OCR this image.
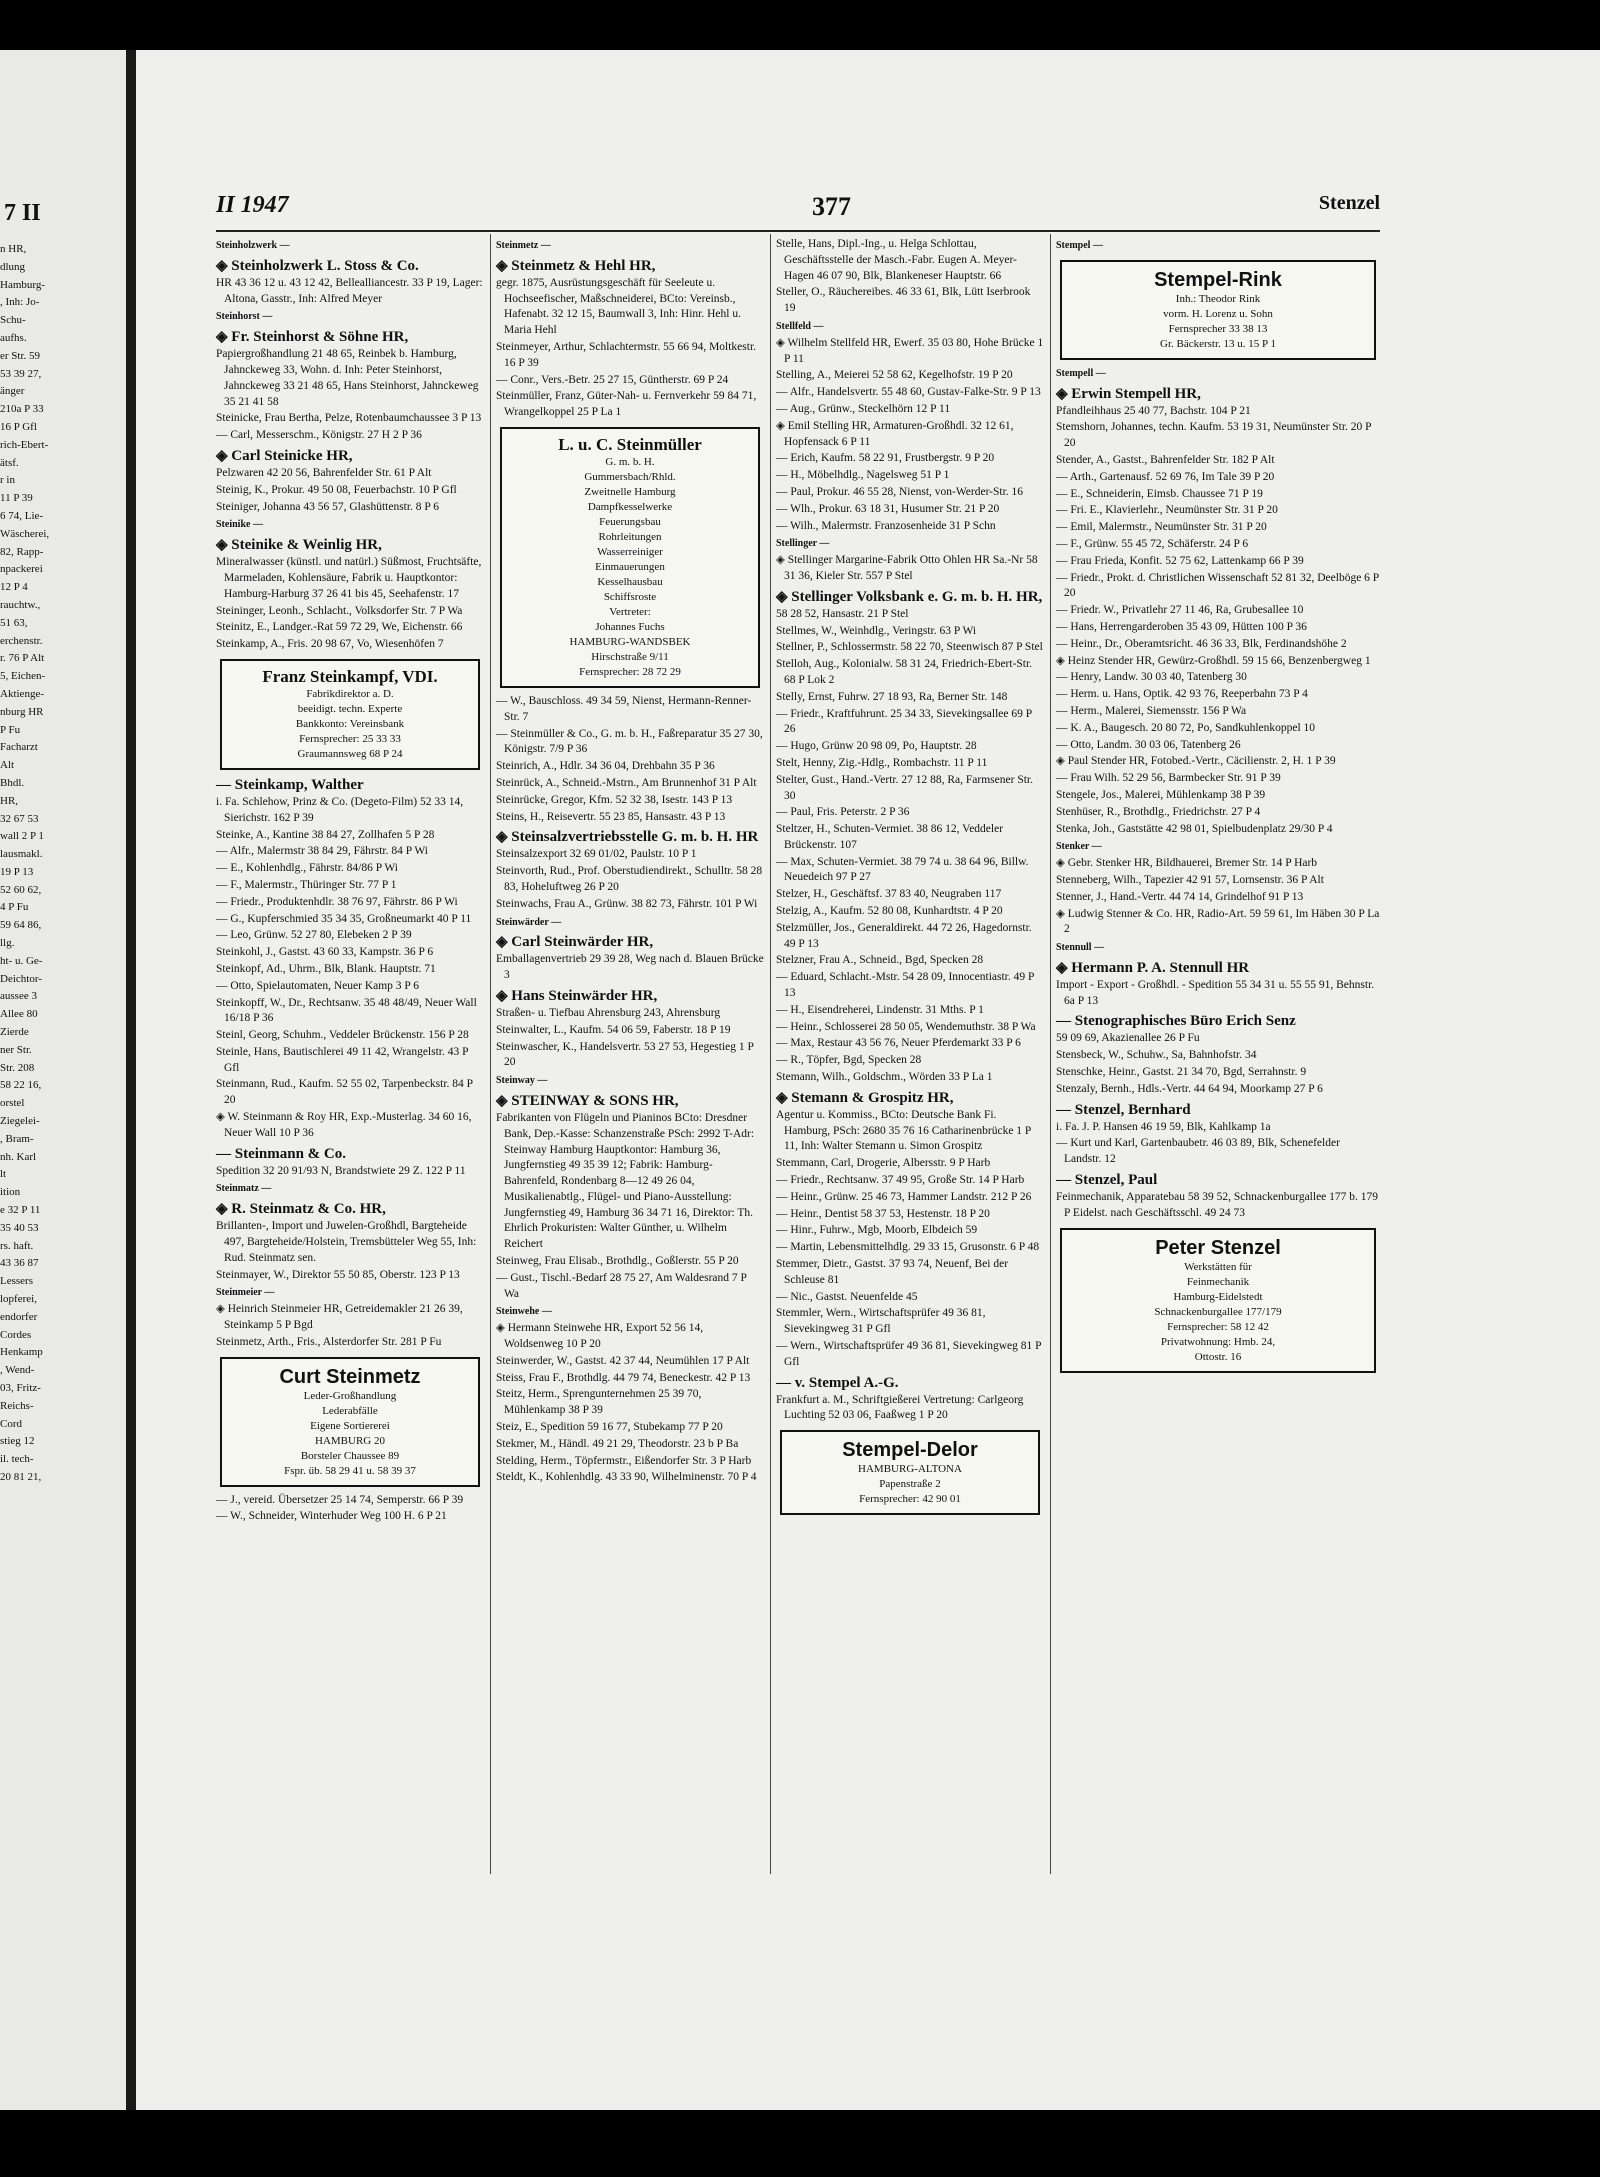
7 II
n HR,
dlung
Hamburg-
, Inh: Jo-
Schu-
aufhs.
er Str. 59
53 39 27,
änger
210a P 33
16 P Gfl
rich-Ebert-
ätsf.
r in
11 P 39
6 74, Lie-
Wäscherei,
82, Rapp-
npackerei
12 P 4
rauchtw.,
51 63,
erchenstr.
r. 76 P Alt
5, Eichen-
Aktienge-
nburg HR
P Fu
Facharzt
Alt
Bhdl.
HR,
32 67 53
wall 2 P 1
lausmakl.
19 P 13
52 60 62,
4 P Fu
59 64 86,
llg.
ht- u. Ge-
Deichtor-
aussee 3
Allee 80
Zierde
ner Str.
Str. 208
58 22 16,
orstel
Ziegelei-
, Bram-
nh. Karl
lt
ition
e 32 P 11
35 40 53
rs. haft.
43 36 87
Lessers
lopferei,
endorfer
Cordes
Henkamp
, Wend-
03, Fritz-
Reichs-
Cord
stieg 12
il. tech-
20 81 21,
II 1947	377	Stenzel
Steinholzwerk —
◈ Steinholzwerk L. Stoss & Co.
HR 43 36 12 u. 43 12 42, Bellealliancestr. 33 P 19, Lager: Altona, Gasstr., Inh: Alfred Meyer
Steinhorst —
◈ Fr. Steinhorst & Söhne HR,
Papiergroßhandlung 21 48 65, Reinbek b. Hamburg, Jahnckeweg 33, Wohn. d. Inh: Peter Steinhorst, Jahnckeweg 33 21 48 65, Hans Steinhorst, Jahnckeweg 35 21 41 58
Steinicke, Frau Bertha, Pelze, Rotenbaumchaussee 3 P 13
— Carl, Messerschm., Königstr. 27 H 2 P 36
◈ Carl Steinicke HR,
Pelzwaren 42 20 56, Bahrenfelder Str. 61 P Alt
Steinig, K., Prokur. 49 50 08, Feuerbachstr. 10 P Gfl
Steiniger, Johanna 43 56 57, Glashüttenstr. 8 P 6
Steinike —
◈ Steinike & Weinlig HR,
Mineralwasser (künstl. und natürl.) Süßmost, Fruchtsäfte, Marmeladen, Kohlensäure, Fabrik u. Hauptkontor: Hamburg-Harburg 37 26 41 bis 45, Seehafenstr. 17
Steininger, Leonh., Schlacht., Volksdorfer Str. 7 P Wa
Steinitz, E., Landger.-Rat 59 72 29, We, Eichenstr. 66
Steinkamp, A., Fris. 20 98 67, Vo, Wiesenhöfen 7
Franz Steinkampf, VDI.
Fabrikdirektor a. D.
beeidigt. techn. Experte
Bankkonto: Vereinsbank
Fernsprecher: 25 33 33
Graumannsweg 68 P 24
— Steinkamp, Walther
i. Fa. Schlehow, Prinz & Co. (Degeto-Film) 52 33 14, Sierichstr. 162 P 39
Steinke, A., Kantine 38 84 27, Zollhafen 5 P 28
— Alfr., Malermstr 38 84 29, Fährstr. 84 P Wi
— E., Kohlenhdlg., Fährstr. 84/86 P Wi
— F., Malermstr., Thüringer Str. 77 P 1
— Friedr., Produktenhdlr. 38 76 97, Fährstr. 86 P Wi
— G., Kupferschmied 35 34 35, Großneumarkt 40 P 11
— Leo, Grünw. 52 27 80, Elebeken 2 P 39
Steinkohl, J., Gastst. 43 60 33, Kampstr. 36 P 6
Steinkopf, Ad., Uhrm., Blk, Blank. Hauptstr. 71
— Otto, Spielautomaten, Neuer Kamp 3 P 6
Steinkopff, W., Dr., Rechtsanw. 35 48 48/49, Neuer Wall 16/18 P 36
Steinl, Georg, Schuhm., Veddeler Brückenstr. 156 P 28
Steinle, Hans, Bautischlerei 49 11 42, Wrangelstr. 43 P Gfl
Steinmann, Rud., Kaufm. 52 55 02, Tarpenbeckstr. 84 P 20
◈ W. Steinmann & Roy HR, Exp.-Musterlag. 34 60 16, Neuer Wall 10 P 36
— Steinmann & Co.
Spedition 32 20 91/93 N, Brandstwiete 29 Z. 122 P 11
Steinmatz —
◈ R. Steinmatz & Co. HR,
Brillanten-, Import und Juwelen-Großhdl, Bargteheide 497, Bargteheide/Holstein, Tremsbütteler Weg 55, Inh: Rud. Steinmatz sen.
Steinmayer, W., Direktor 55 50 85, Oberstr. 123 P 13
Steinmeier —
◈ Heinrich Steinmeier HR, Getreidemakler 21 26 39, Steinkamp 5 P Bgd
Steinmetz, Arth., Fris., Alsterdorfer Str. 281 P Fu
Curt Steinmetz
Leder-Großhandlung
Lederabfälle
Eigene Sortiererei
HAMBURG 20
Borsteler Chaussee 89
Fspr. üb. 58 29 41 u. 58 39 37
— J., vereid. Übersetzer 25 14 74, Semperstr. 66 P 39
— W., Schneider, Winterhuder Weg 100 H. 6 P 21
Steinmetz —
◈ Steinmetz & Hehl HR,
gegr. 1875, Ausrüstungsgeschäft für Seeleute u. Hochseefischer, Maßschneiderei, BCto: Vereinsb., Hafenabt. 32 12 15, Baumwall 3, Inh: Hinr. Hehl u. Maria Hehl
Steinmeyer, Arthur, Schlachtermstr. 55 66 94, Moltkestr. 16 P 39
— Conr., Vers.-Betr. 25 27 15, Güntherstr. 69 P 24
Steinmüller, Franz, Güter-Nah- u. Fernverkehr 59 84 71, Wrangelkoppel 25 P La 1
L. u. C. Steinmüller
G. m. b. H.
Gummersbach/Rhld.
Zweitnelle Hamburg
Dampfkesselwerke
Feuerungsbau
Rohrleitungen
Wasserreiniger
Einmauerungen
Kesselhausbau
Schiffsroste
Vertreter:
Johannes Fuchs
HAMBURG-WANDSBEK
Hirschstraße 9/11
Fernsprecher: 28 72 29
— W., Bauschloss. 49 34 59, Nienst, Hermann-Renner-Str. 7
— Steinmüller & Co., G. m. b. H., Faßreparatur 35 27 30, Königstr. 7/9 P 36
Steinrich, A., Hdlr. 34 36 04, Drehbahn 35 P 36
Steinrück, A., Schneid.-Mstrn., Am Brunnenhof 31 P Alt
Steinrücke, Gregor, Kfm. 52 32 38, Isestr. 143 P 13
Steins, H., Reisevertr. 55 23 85, Hansastr. 43 P 13
◈ Steinsalzvertriebsstelle G. m. b. H. HR
Steinsalzexport 32 69 01/02, Paulstr. 10 P 1
Steinvorth, Rud., Prof. Oberstudiendirekt., Schulltr. 58 28 83, Hoheluftweg 26 P 20
Steinwachs, Frau A., Grünw. 38 82 73, Fährstr. 101 P Wi
Steinwärder —
◈ Carl Steinwärder HR,
Emballagenvertrieb 29 39 28, Weg nach d. Blauen Brücke 3
◈ Hans Steinwärder HR,
Straßen- u. Tiefbau Ahrensburg 243, Ahrensburg
Steinwalter, L., Kaufm. 54 06 59, Faberstr. 18 P 19
Steinwascher, K., Handelsvertr. 53 27 53, Hegestieg 1 P 20
Steinway —
◈ STEINWAY & SONS HR,
Fabrikanten von Flügeln und Pianinos BCto: Dresdner Bank, Dep.-Kasse: Schanzenstraße PSch: 2992 T-Adr: Steinway Hamburg Hauptkontor: Hamburg 36, Jungfernstieg 49 35 39 12; Fabrik: Hamburg-Bahrenfeld, Rondenbarg 8—12 49 26 04, Musikalienabtlg., Flügel- und Piano-Ausstellung: Jungfernstieg 49, Hamburg 36 34 71 16, Direktor: Th. Ehrlich Prokuristen: Walter Günther, u. Wilhelm Reichert
Steinweg, Frau Elisab., Brothdlg., Goßlerstr. 55 P 20
— Gust., Tischl.-Bedarf 28 75 27, Am Waldesrand 7 P Wa
Steinwehe —
◈ Hermann Steinwehe HR, Export 52 56 14, Woldsenweg 10 P 20
Steinwerder, W., Gastst. 42 37 44, Neumühlen 17 P Alt
Steiss, Frau F., Brothdlg. 44 79 74, Beneckestr. 42 P 13
Steitz, Herm., Sprengunternehmen 25 39 70, Mühlenkamp 38 P 39
Steiz, E., Spedition 59 16 77, Stubekamp 77 P 20
Stekmer, M., Händl. 49 21 29, Theodorstr. 23 b P Ba
Stelding, Herm., Töpfermstr., Eißendorfer Str. 3 P Harb
Steldt, K., Kohlenhdlg. 43 33 90, Wilhelminenstr. 70 P 4
Stelle, Hans, Dipl.-Ing., u. Helga Schlottau, Geschäftsstelle der Masch.-Fabr. Eugen A. Meyer-Hagen 46 07 90, Blk, Blankeneser Hauptstr. 66
Steller, O., Räuchereibes. 46 33 61, Blk, Lütt Iserbrook 19
Stellfeld —
◈ Wilhelm Stellfeld HR, Ewerf. 35 03 80, Hohe Brücke 1 P 11
Stelling, A., Meierei 52 58 62, Kegelhofstr. 19 P 20
— Alfr., Handelsvertr. 55 48 60, Gustav-Falke-Str. 9 P 13
— Aug., Grünw., Steckelhörn 12 P 11
◈ Emil Stelling HR, Armaturen-Großhdl. 32 12 61, Hopfensack 6 P 11
— Erich, Kaufm. 58 22 91, Frustbergstr. 9 P 20
— H., Möbelhdlg., Nagelsweg 51 P 1
— Paul, Prokur. 46 55 28, Nienst, von-Werder-Str. 16
— Wlh., Prokur. 63 18 31, Husumer Str. 21 P 20
— Wilh., Malermstr. Franzosenheide 31 P Schn
Stellinger —
◈ Stellinger Margarine-Fabrik Otto Ohlen HR Sa.-Nr 58 31 36, Kieler Str. 557 P Stel
◈ Stellinger Volksbank e. G. m. b. H. HR,
58 28 52, Hansastr. 21 P Stel
Stellmes, W., Weinhdlg., Veringstr. 63 P Wi
Stellner, P., Schlossermstr. 58 22 70, Steenwisch 87 P Stel
Stelloh, Aug., Kolonialw. 58 31 24, Friedrich-Ebert-Str. 68 P Lok 2
Stelly, Ernst, Fuhrw. 27 18 93, Ra, Berner Str. 148
— Friedr., Kraftfuhrunt. 25 34 33, Sievekingsallee 69 P 26
— Hugo, Grünw 20 98 09, Po, Hauptstr. 28
Stelt, Henny, Zig.-Hdlg., Rombachstr. 11 P 11
Stelter, Gust., Hand.-Vertr. 27 12 88, Ra, Farmsener Str. 30
— Paul, Fris. Peterstr. 2 P 36
Steltzer, H., Schuten-Vermiet. 38 86 12, Veddeler Brückenstr. 107
— Max, Schuten-Vermiet. 38 79 74 u. 38 64 96, Billw. Neuedeich 97 P 27
Stelzer, H., Geschäftsf. 37 83 40, Neugraben 117
Stelzig, A., Kaufm. 52 80 08, Kunhardtstr. 4 P 20
Stelzmüller, Jos., Generaldirekt. 44 72 26, Hagedornstr. 49 P 13
Stelzner, Frau A., Schneid., Bgd, Specken 28
— Eduard, Schlacht.-Mstr. 54 28 09, Innocentiastr. 49 P 13
— H., Eisendreherei, Lindenstr. 31 Mths. P 1
— Heinr., Schlosserei 28 50 05, Wendemuthstr. 38 P Wa
— Max, Restaur 43 56 76, Neuer Pferdemarkt 33 P 6
— R., Töpfer, Bgd, Specken 28
Stemann, Wilh., Goldschm., Wörden 33 P La 1
◈ Stemann & Grospitz HR,
Agentur u. Kommiss., BCto: Deutsche Bank Fi. Hamburg, PSch: 2680 35 76 16 Catharinenbrücke 1 P 11, Inh: Walter Stemann u. Simon Grospitz
Stemmann, Carl, Drogerie, Albersstr. 9 P Harb
— Friedr., Rechtsanw. 37 49 95, Große Str. 14 P Harb
— Heinr., Grünw. 25 46 73, Hammer Landstr. 212 P 26
— Heinr., Dentist 58 37 53, Hestenstr. 18 P 20
— Hinr., Fuhrw., Mgb, Moorb, Elbdeich 59
— Martin, Lebensmittelhdlg. 29 33 15, Grusonstr. 6 P 48
Stemmer, Dietr., Gastst. 37 93 74, Neuenf, Bei der Schleuse 81
— Nic., Gastst. Neuenfelde 45
Stemmler, Wern., Wirtschaftsprüfer 49 36 81, Sievekingweg 31 P Gfl
— Wern., Wirtschaftsprüfer 49 36 81, Sievekingweg 81 P Gfl
— v. Stempel A.-G.
Frankfurt a. M., Schriftgießerei Vertretung: Carlgeorg Luchting 52 03 06, Faaßweg 1 P 20
Stempel-Delor
HAMBURG-ALTONA
Papenstraße 2
Fernsprecher: 42 90 01
Stempel —
Stempel-Rink
Inh.: Theodor Rink
vorm. H. Lorenz u. Sohn
Fernsprecher 33 38 13
Gr. Bäckerstr. 13 u. 15 P 1
Stempell —
◈ Erwin Stempell HR,
Pfandleihhaus 25 40 77, Bachstr. 104 P 21
Stemshorn, Johannes, techn. Kaufm. 53 19 31, Neumünster Str. 20 P 20
Stender, A., Gastst., Bahrenfelder Str. 182 P Alt
— Arth., Gartenausf. 52 69 76, Im Tale 39 P 20
— E., Schneiderin, Eimsb. Chaussee 71 P 19
— Fri. E., Klavierlehr., Neumünster Str. 31 P 20
— Emil, Malermstr., Neumünster Str. 31 P 20
— F., Grünw. 55 45 72, Schäferstr. 24 P 6
— Frau Frieda, Konfit. 52 75 62, Lattenkamp 66 P 39
— Friedr., Prokt. d. Christlichen Wissenschaft 52 81 32, Deelböge 6 P 20
— Friedr. W., Privatlehr 27 11 46, Ra, Grubesallee 10
— Hans, Herrengarderoben 35 43 09, Hütten 100 P 36
— Heinr., Dr., Oberamtsricht. 46 36 33, Blk, Ferdinandshöhe 2
◈ Heinz Stender HR, Gewürz-Großhdl. 59 15 66, Benzenbergweg 1
— Henry, Landw. 30 03 40, Tatenberg 30
— Herm. u. Hans, Optik. 42 93 76, Reeperbahn 73 P 4
— Herm., Malerei, Siemensstr. 156 P Wa
— K. A., Baugesch. 20 80 72, Po, Sandkuhlenkoppel 10
— Otto, Landm. 30 03 06, Tatenberg 26
◈ Paul Stender HR, Fotobed.-Vertr., Cäcilienstr. 2, H. 1 P 39
— Frau Wilh. 52 29 56, Barmbecker Str. 91 P 39
Stengele, Jos., Malerei, Mühlenkamp 38 P 39
Stenhüser, R., Brothdlg., Friedrichstr. 27 P 4
Stenka, Joh., Gaststätte 42 98 01, Spielbudenplatz 29/30 P 4
Stenker —
◈ Gebr. Stenker HR, Bildhauerei, Bremer Str. 14 P Harb
Stenneberg, Wilh., Tapezier 42 91 57, Lornsenstr. 36 P Alt
Stenner, J., Hand.-Vertr. 44 74 14, Grindelhof 91 P 13
◈ Ludwig Stenner & Co. HR, Radio-Art. 59 59 61, Im Häben 30 P La 2
Stennull —
◈ Hermann P. A. Stennull HR
Import - Export - Großhdl. - Spedition 55 34 31 u. 55 55 91, Behnstr. 6a P 13
— Stenographisches Büro Erich Senz
59 09 69, Akazienallee 26 P Fu
Stensbeck, W., Schuhw., Sa, Bahnhofstr. 34
Stenschke, Heinr., Gastst. 21 34 70, Bgd, Serrahnstr. 9
Stenzaly, Bernh., Hdls.-Vertr. 44 64 94, Moorkamp 27 P 6
— Stenzel, Bernhard
i. Fa. J. P. Hansen 46 19 59, Blk, Kahlkamp 1a
— Kurt und Karl, Gartenbaubetr. 46 03 89, Blk, Schenefelder Landstr. 12
— Stenzel, Paul
Feinmechanik, Apparatebau 58 39 52, Schnackenburgallee 177 b. 179 P Eidelst. nach Geschäftsschl. 49 24 73
Peter Stenzel
Werkstätten für
Feinmechanik
Hamburg-Eidelstedt
Schnackenburgallee 177/179
Fernsprecher: 58 12 42
Privatwohnung: Hmb. 24,
Ottostr. 16
